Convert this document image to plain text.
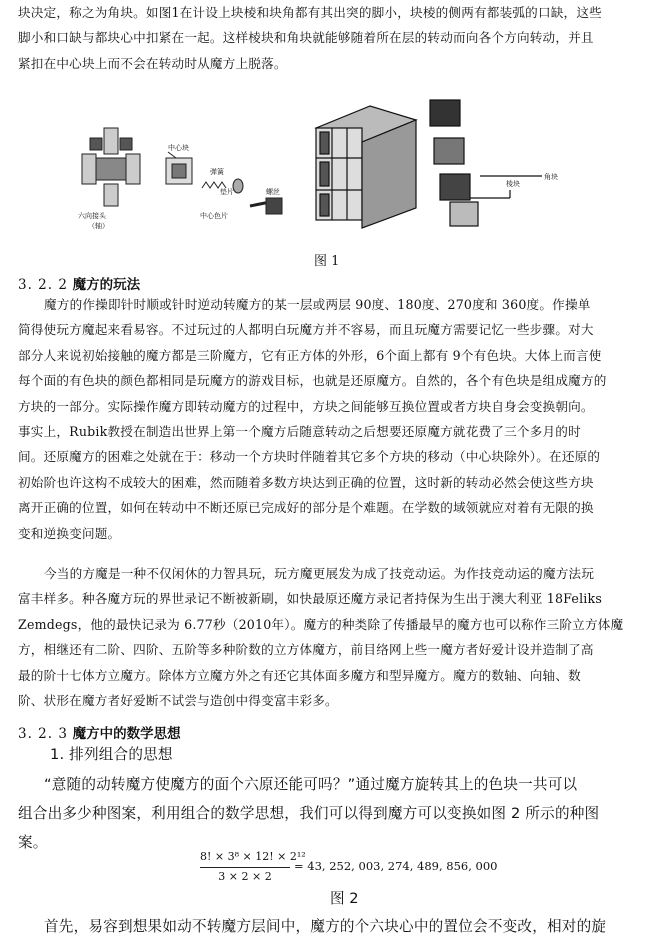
块决定，称之为角块。如图1在计设上块棱和块角都有其出突的脚小，块棱的侧两有都装弧的口缺，这些
脚小和口缺与都块心中扣紧在一起。这样棱块和角块就能够随着所在层的转动而向各个方向转动，并且
紧扣在中心块上而不会在转动时从魔方上脱落。
中心块
弹簧
垫片	螺丝
六向接头
（轴）
中心色片
角块
棱块
图 1
3. 2. 2 魔方的玩法
魔方的作操即针时顺或针时逆动转魔方的某一层或两层 90度、180度、270度和 360度。作操单
简得使玩方魔起来看易容。不过玩过的人都明白玩魔方并不容易，而且玩魔方需要记忆一些步骤。对大
部分人来说初始接触的魔方都是三阶魔方，它有正方体的外形，6个面上都有 9个有色块。大体上而言使
每个面的有色块的颜色都相同是玩魔方的游戏目标，也就是还原魔方。自然的，各个有色块是组成魔方的
方块的一部分。实际操作魔方即转动魔方的过程中，方块之间能够互换位置或者方块自身会变换朝向。
事实上，Rubik教授在制造出世界上第一个魔方后随意转动之后想要还原魔方就花费了三个多月的时
间。还原魔方的困难之处就在于：移动一个方块时伴随着其它多个方块的移动（中心块除外）。在还原的
初始阶也许这构不成较大的困难，然而随着多数方块达到正确的位置，这时新的转动必然会使这些方块
离开正确的位置，如何在转动中不断还原已完成好的部分是个难题。在学数的域领就应对着有无限的换
变和逆换变问题。
今当的方魔是一种不仅闲休的力智具玩，玩方魔更展发为成了技竞动运。为作技竞动运的魔方法玩
富丰样多。种各魔方玩的界世录记不断被新刷，如快最原还魔方录记者持保为生出于澳大利亚 18Feliks
Zemdegs，他的最快记录为 6.77秒（2010年）。魔方的种类除了传播最早的魔方也可以称作三阶立方体魔
方，相继还有二阶、四阶、五阶等多种阶数的立方体魔方，前目络网上些一魔方者好爱计设并造制了高
最的阶十七体方立魔方。除体方立魔方外之有还它其体面多魔方和型异魔方。魔方的数轴、向轴、数
阶、状形在魔方者好爱断不试尝与造创中得变富丰彩多。
3. 2. 3 魔方中的数学思想
1. 排列组合的思想
“意随的动转魔方使魔方的面个六原还能可吗？”通过魔方旋转其上的色块一共可以
组合出多少种图案，利用组合的数学思想，我们可以得到魔方可以变换如图 2 所示的种图
案。
8! × 3⁸ × 12! × 2¹²
3 × 2 × 2
= 43, 252, 003, 274, 489, 856, 000
图 2
首先，易容到想果如动不转魔方层间中，魔方的个六块心中的置位会不变改，相对的旋
